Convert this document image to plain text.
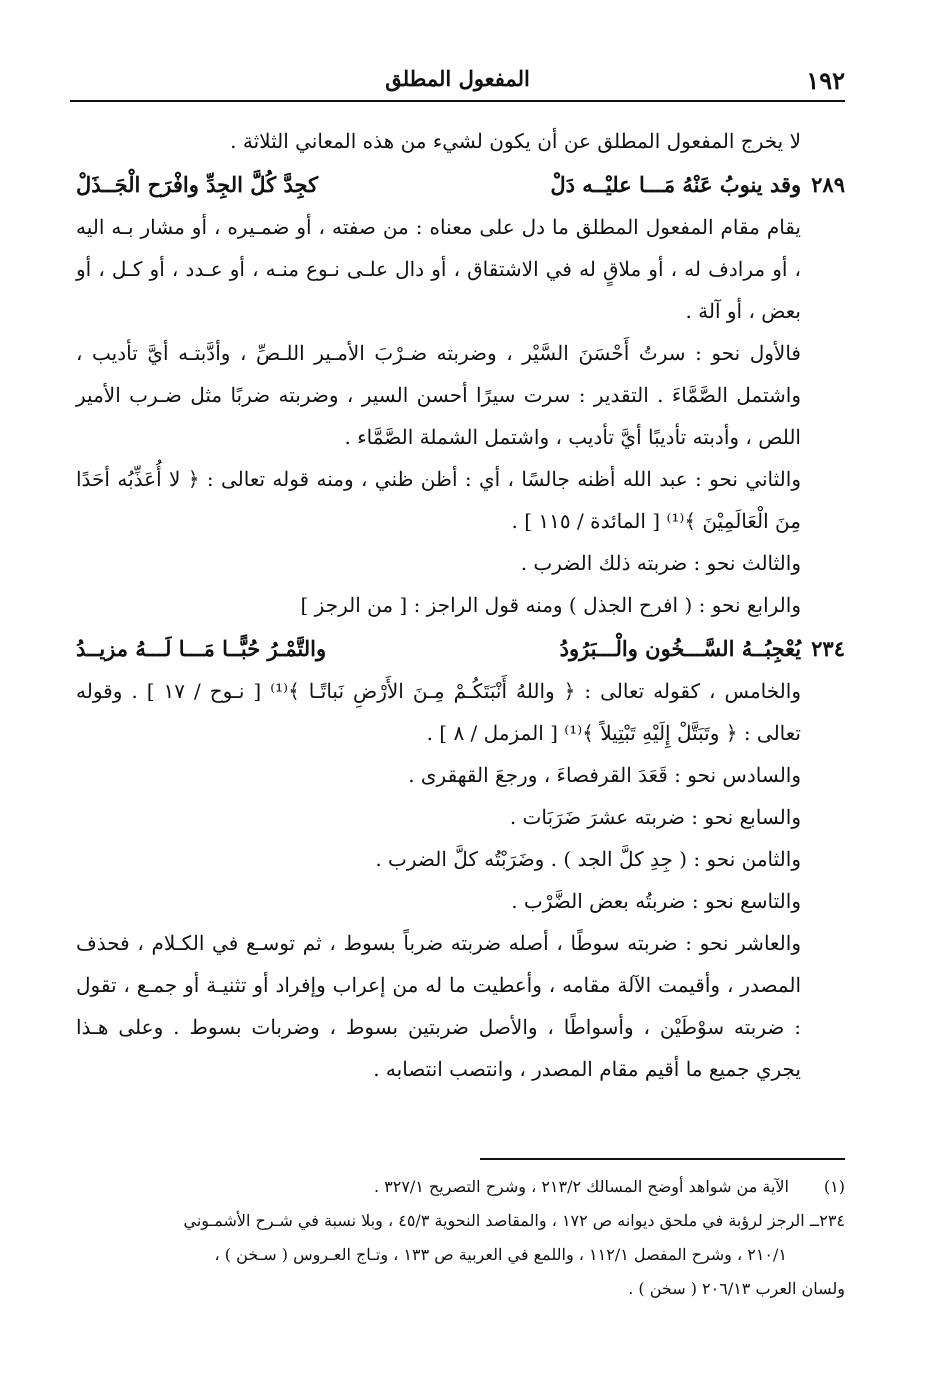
١٩٢
المفعول المطلق

لا يخرج المفعول المطلق عن أن يكون لشيء من هذه المعاني الثلاثة .

٢٨٩
وقد ينوبُ عَنْهُ مَـــا عليْــه دَلْ
كجِدَّ كُلَّ الجِدِّ وافْرَح الْجَــذَلْ

يقام مقام المفعول المطلق ما دل على معناه : من صفته ، أو ضمـيره ، أو مشار بـه اليه ، أو مرادف له ، أو ملاقٍ له في الاشتقاق ، أو دال علـى نـوع منـه ، أو عـدد ، أو كـل ، أو بعض ، أو آلة .

فالأول نحو : سرتُ أَحْسَنَ السَّيْر ، وضربته ضـرْبَ الأمـير اللـصِّ ، وأدَّبتـه أيَّ تأديب ، واشتمل الصَّمَّاءَ . التقدير : سرت سيرًا أحسن السير ، وضربته ضربًا مثل ضـرب الأمير اللص ، وأدبته تأديبًا أيَّ تأديب ، واشتمل الشملة الصَّمَّاء .

والثاني نحو : عبد الله أظنه جالسًا ، أي : أظن ظني ، ومنه قوله تعالى : ﴿ لا أُعَذِّبُه أحَدًا مِنَ الْعَالَمِيْنَ ﴾⁽¹⁾ [ المائدة / ١١٥ ] .

والثالث نحو : ضربته ذلك الضرب .

والرابع نحو : ( افرح الجذل ) ومنه قول الراجز : [ من الرجز ]

٢٣٤
يُعْجِبُــهُ السَّـــخُون والْـــبَرُودُ
والتَّمْـرُ حُبًّــا مَـــا لَـــهُ مزيــدُ

والخامس ، كقوله تعالى : ﴿ واللهُ أَنْبَتَكُـمْ مِـنَ الأَرْضِ نَباتًـا ﴾⁽¹⁾ [ نـوح / ١٧ ] . وقوله تعالى : ﴿ وتَبَتَّلْ إِلَيْهِ تَبْتِيلاً ﴾⁽¹⁾ [ المزمل / ٨ ] .

والسادس نحو : قَعَدَ القرفصاءَ ، ورجعَ القهقرى .

والسابع نحو : ضربته عشرَ ضَرَبَات .

والثامن نحو : ( جِدِ كلَّ الجد ) . وضَرَبْتُه كلَّ الضرب .

والتاسع نحو : ضربتُه بعض الضَّرْب .

والعاشر نحو : ضربته سوطًا ، أصله ضربته ضرباً بسوط ، ثم توسـع في الكـلام ، فحذف المصدر ، وأقيمت الآلة مقامه ، وأعطيت ما له من إعراب وإفراد أو تثنيـة أو جمـع ، تقول : ضربته سوْطَيْن ، وأسواطًا ، والأصل ضربتين بسوط ، وضربات بسوط . وعلى هـذا يجري جميع ما أقيم مقام المصدر ، وانتصب انتصابه .

(١)الآية من شواهد أوضح المسالك ٢١٣/٢ ، وشرح التصريح ٣٢٧/١ .

٢٣٤ــ الرجز لرؤبة في ملحق ديوانه ص ١٧٢ ، والمقاصد النحوية ٤٥/٣ ، وبلا نسبة في شـرح الأشمـوني

٢١٠/١ ، وشرح المفصل ١١٢/١ ، واللمع في العربية ص ١٣٣ ، وتـاج العـروس ( سـخن ) ،

ولسان العرب ٢٠٦/١٣ ( سخن ) .
